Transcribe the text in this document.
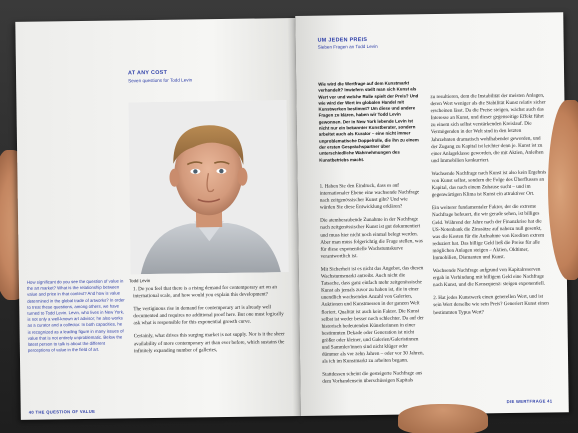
AT ANY COST
Seven questions for Todd Levin
Todd Levin
How significant do you see the question of value in the art market? What is the relationship between value and price in that context? And how is value determined in the global trade of artworks? In order to treat these questions, among others, we have turned to Todd Levin. Levin, who lives in New York, is not only a well-known art advisor; he also works as a curator and a collector. In both capacities, he is recognized as a leading figure in many issues of value that is not entirely unproblematic. Below the latest person to talk is about the different perceptions of value in the field of art.

1. Do you feel that there is a rising demand for contemporary art on an international scale, and how would you explain this development?

The vertiginous rise in demand for contemporary art is already well documented and requires no additional proof here. But one must logically ask what is responsible for this exponential growth curve.

Certainly, what drives this surging market is not supply. Nor is it the sheer availability of more contemporary art than ever before, which sustains the infinitely expanding number of galleries,

40 THE QUESTION OF VALUE
UM JEDEN PREIS
Sieben Fragen an Todd Levin
Wie wird die Wertfrage auf dem Kunstmarkt verhandelt? Inwiefern stellt man sich Kunst als Wert vor und welche Rolle spielt der Preis? Und wie wird der Wert im globalen Handel mit Kunstwerken bestimmt? Um diese und andere Fragen zu klären, haben wir Todd Levin gewonnen. Der in New York lebende Levin ist nicht nur ein bekannter Kunstberater, sondern arbeitet auch als Kurator – eine nicht immer unproblematische Doppelrolle, die ihn zu einem der ersten Gesprächspartner über unterschiedliche Wahrnehmungen des Kunstbetriebs macht.

1. Haben Sie den Eindruck, dass es auf internationaler Ebene eine wachsende Nachfrage nach zeitgenössischer Kunst gibt? Und wie würden Sie diese Entwicklung erklären?

Die atemberaubende Zunahme in der Nachfrage nach zeitgenössischer Kunst ist gut dokumentiert und muss hier nicht noch einmal belegt werden. Aber man muss folgerichtig die Frage stellen, was für diese exponentielle Wachstumskurve verantwortlich ist.

Mit Sicherheit ist es nicht das Angebot, das diesen Wachstumsmarkt antreibt. Auch nicht die Tatsache, dass ganz einfach mehr zeitgenössische Kunst als jemals zuvor zu haben ist, die in einer unendlich wachsenden Anzahl von Galerien, Auktionen und Kunstmessen in der ganzen Welt floriert. Qualität ist auch kein Faktor. Die Kunst selbst ist weder besser noch schlechter. Da auf der historisch bedeutenden Künstlerinnen in einer bestimmten Dekade oder Generation ist nicht größer oder kleiner, und Galerien/Galeristinnen und Sammler/innen sind nicht klüger oder dümmer als vor zehn Jahren – oder vor 30 Jahren, als ich im Kunstmarkt zu arbeiten begann.

Stattdessen scheint die gesteigerte Nachfrage aus dem Vorhandensein überschüssigen Kapitals

zu resultieren, dem die Instabilität der meisten Anlagen, deren Wert weniger als die Stabilität Kunst relativ sicher erscheinen lässt. Da die Preise steigen, wächst auch das Interesse an Kunst, und dieser gegenseitige Effekt führt zu einem sich selbst verstärkenden Kreislauf. Die Vermögenden in der Welt sind in den letzten Jahrzehnten dramatisch wohlhabender geworden, und der Zugang zu Kapital ist leichter denn je. Kunst ist zu einer Anlageklasse geworden, die mit Aktien, Anleihen und Immobilien konkurriert.

Wachsende Nachfrage nach Kunst ist also kein Ergebnis von Kunst selbst, sondern die Folge des Überflusses an Kapital, das nach einem Zuhause sucht – und im gegenwärtigen Klima ist Kunst ein attraktiver Ort.

Ein weiterer fundamentaler Faktor, der die extreme Nachfrage befeuert, die wir gerade sehen, ist billiges Geld. Während der Jahre nach der Finanzkrise hat die US-Notenbank die Zinssätze auf nahezu null gesenkt, was die Kosten für die Aufnahme von Krediten extrem reduziert hat. Das billige Geld ließ die Preise für alle möglichen Anlagen steigen – Aktien, Oldtimer, Immobilien, Diamanten und Kunst.

Wachsende Nachfrage aufgrund von Kapitalreserven ergab in Verbindung mit billigem Geld eine Nachfrage nach Kunst, und die Konsequenz: steigen exponentiell.

2. Hat jedes Kunstwerk einen generellen Wert, und ist sein Wert derselbe wie sein Preis? Generiert Kunst einen bestimmten Typus Wert?

DIE WERTFRAGE 41
